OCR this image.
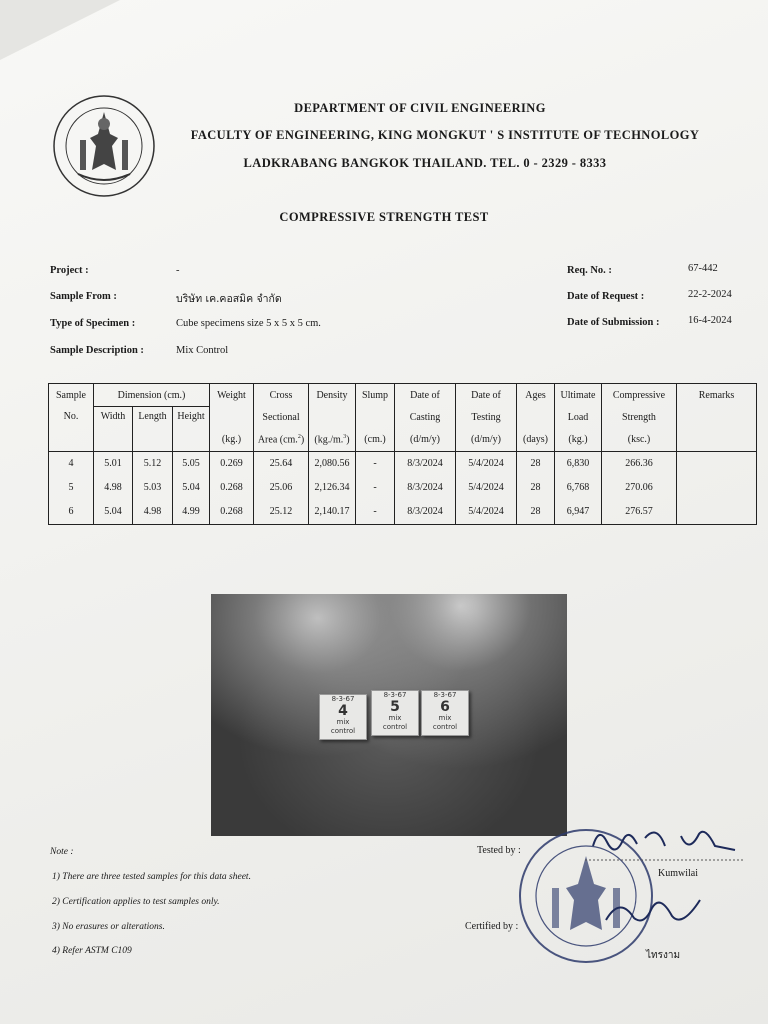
DEPARTMENT OF CIVIL ENGINEERING
FACULTY OF ENGINEERING, KING MONGKUT ' S INSTITUTE OF TECHNOLOGY
LADKRABANG BANGKOK THAILAND. TEL. 0 - 2329 - 8333
COMPRESSIVE STRENGTH TEST
Project :	-
Sample From :	บริษัท เค.คอสมิค จำกัด
Type of Specimen :	Cube specimens size 5 x 5 x 5 cm.
Sample Description :	Mix Control
Req. No. :	67-442
Date of Request :	22-2-2024
Date of Submission :	16-4-2024
Sample	Dimension (cm.)			Weight	Cross	Density	Slump	Date of	Date of	Ages	Ultimate	Compressive	Remarks
No.	Width	Length	Height		Sectional			Casting	Testing		Load	Strength	
				(kg.)	Area (cm.$^2$)	(kg./m.$^3$)	(cm.)	(d/m/y)	(d/m/y)	(days)	(kg.)	(ksc.)	
4	5.01	5.12	5.05	0.269	25.64	2,080.56	-	8/3/2024	5/4/2024	28	6,830	266.36	
5	4.98	5.03	5.04	0.268	25.06	2,126.34	-	8/3/2024	5/4/2024	28	6,768	270.06	
6	5.04	4.98	4.99	0.268	25.12	2,140.17	-	8/3/2024	5/4/2024	28	6,947	276.57	
8-3-67
4
mix
control
8-3-67
5
mix
control
8-3-67
6
mix
control
Note :
1) There are three tested samples for this data sheet.
2) Certification applies to test samples only.
3) No erasures or alterations.
4) Refer ASTM C109
Tested by :
Certified by :
Kumwilai
ไทรงาม
